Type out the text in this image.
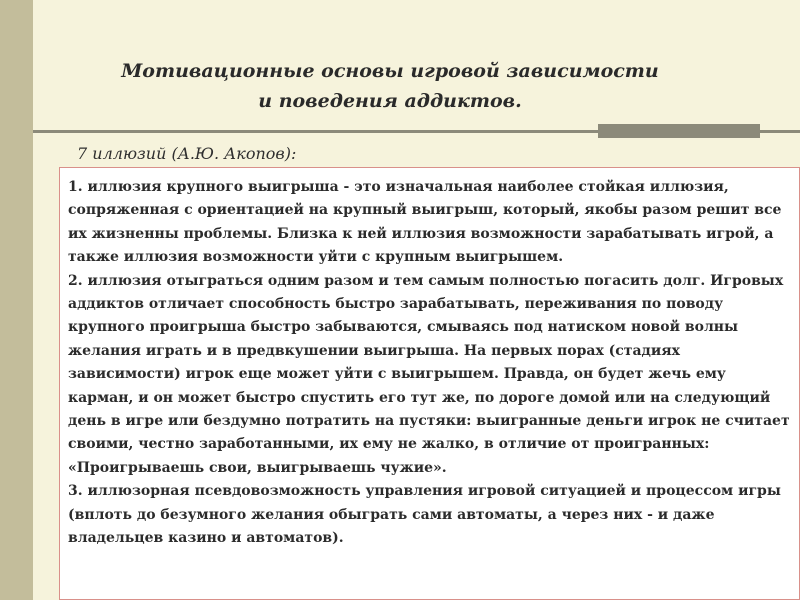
Мотивационные основы игровой зависимости
и поведения аддиктов.
7 иллюзий (А.Ю. Акопов):

1. иллюзия крупного выигрыша - это изначальная наиболее стойкая иллюзия, сопряженная с ориентацией на крупный выигрыш, который, якобы разом решит все их жизненны проблемы. Близка к ней иллюзия возможности зарабатывать игрой, а также иллюзия возможности уйти с крупным выигрышем.

2. иллюзия отыграться одним разом и тем самым полностью погасить долг. Игровых аддиктов отличает способность быстро зарабатывать, переживания по поводу крупного проигрыша быстро забываются, смываясь под натиском новой волны желания играть и в предвкушении выигрыша. На первых порах (стадиях зависимости) игрок еще может уйти с выигрышем. Правда, он будет жечь ему карман, и он может быстро спустить его тут же, по дороге домой или на следующий день в игре или бездумно потратить на пустяки: выигранные деньги игрок не считает своими, честно заработанными, их ему не жалко, в отличие от проигранных: «Проигрываешь свои, выигрываешь чужие».

3. иллюзорная псевдовозможность управления игровой ситуацией и процессом игры (вплоть до безумного желания обыграть сами автоматы, а через них - и даже владельцев казино и автоматов).
